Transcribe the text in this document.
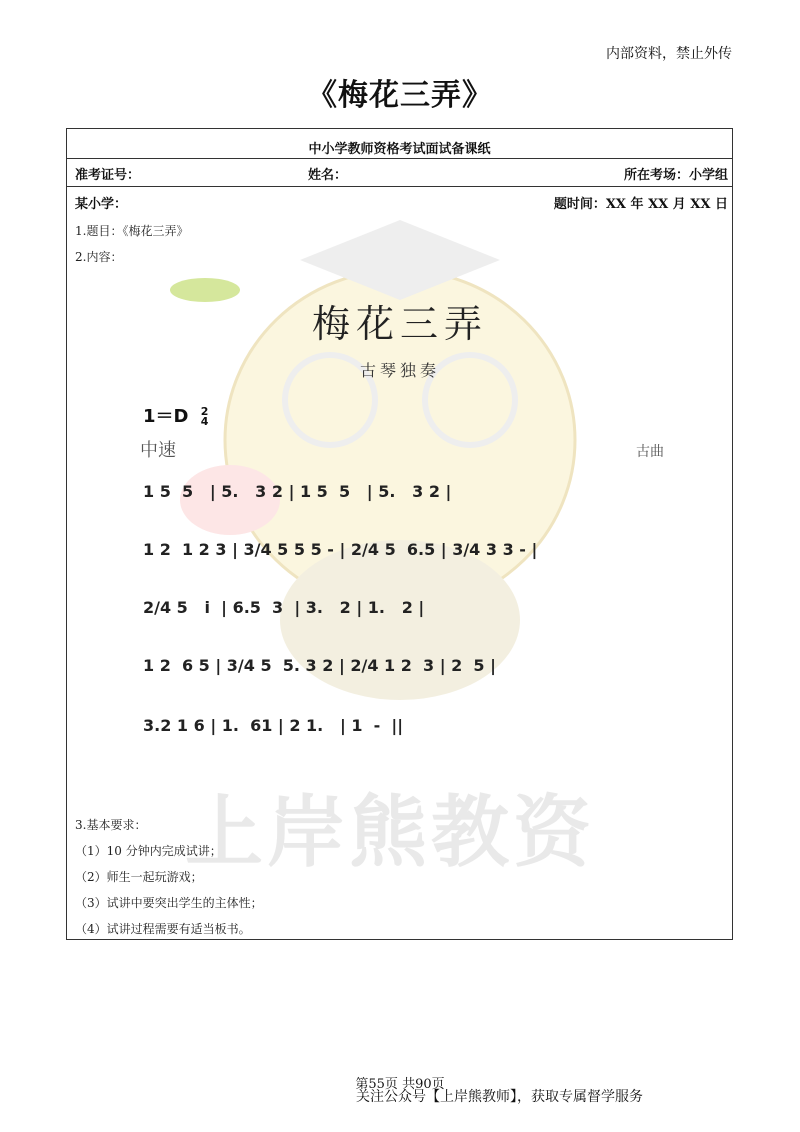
内部资料，禁止外传
《梅花三弄》
中小学教师资格考试面试备课纸
准考证号：	姓名：	所在考场：小学组
某小学：	题时间：XX 年 XX 月 XX 日
1.题目：《梅花三弄》
2.内容：
上岸熊教资
梅花三弄
古琴独奏
1＝D 2
4
中速	古曲
1 5  5   | 5.   3 2 | 1 5  5   | 5.   3 2 |
1 2  1 2 3 | 3/4 5 5 5 - | 2/4 5  6.5 | 3/4 3 3 - |
2/4 5   i  | 6.5  3  | 3.   2 | 1.   2 |
1 2  6 5 | 3/4 5  5. 3 2 | 2/4 1 2  3 | 2  5 |
3.2 1 6 | 1.  61 | 2 1.   | 1  -  ||
3.基本要求：
（1）10 分钟内完成试讲；
（2）师生一起玩游戏；
（3）试讲中要突出学生的主体性；
（4）试讲过程需要有适当板书。
第55页 共90页
关注公众号【上岸熊教师】，获取专属督学服务
